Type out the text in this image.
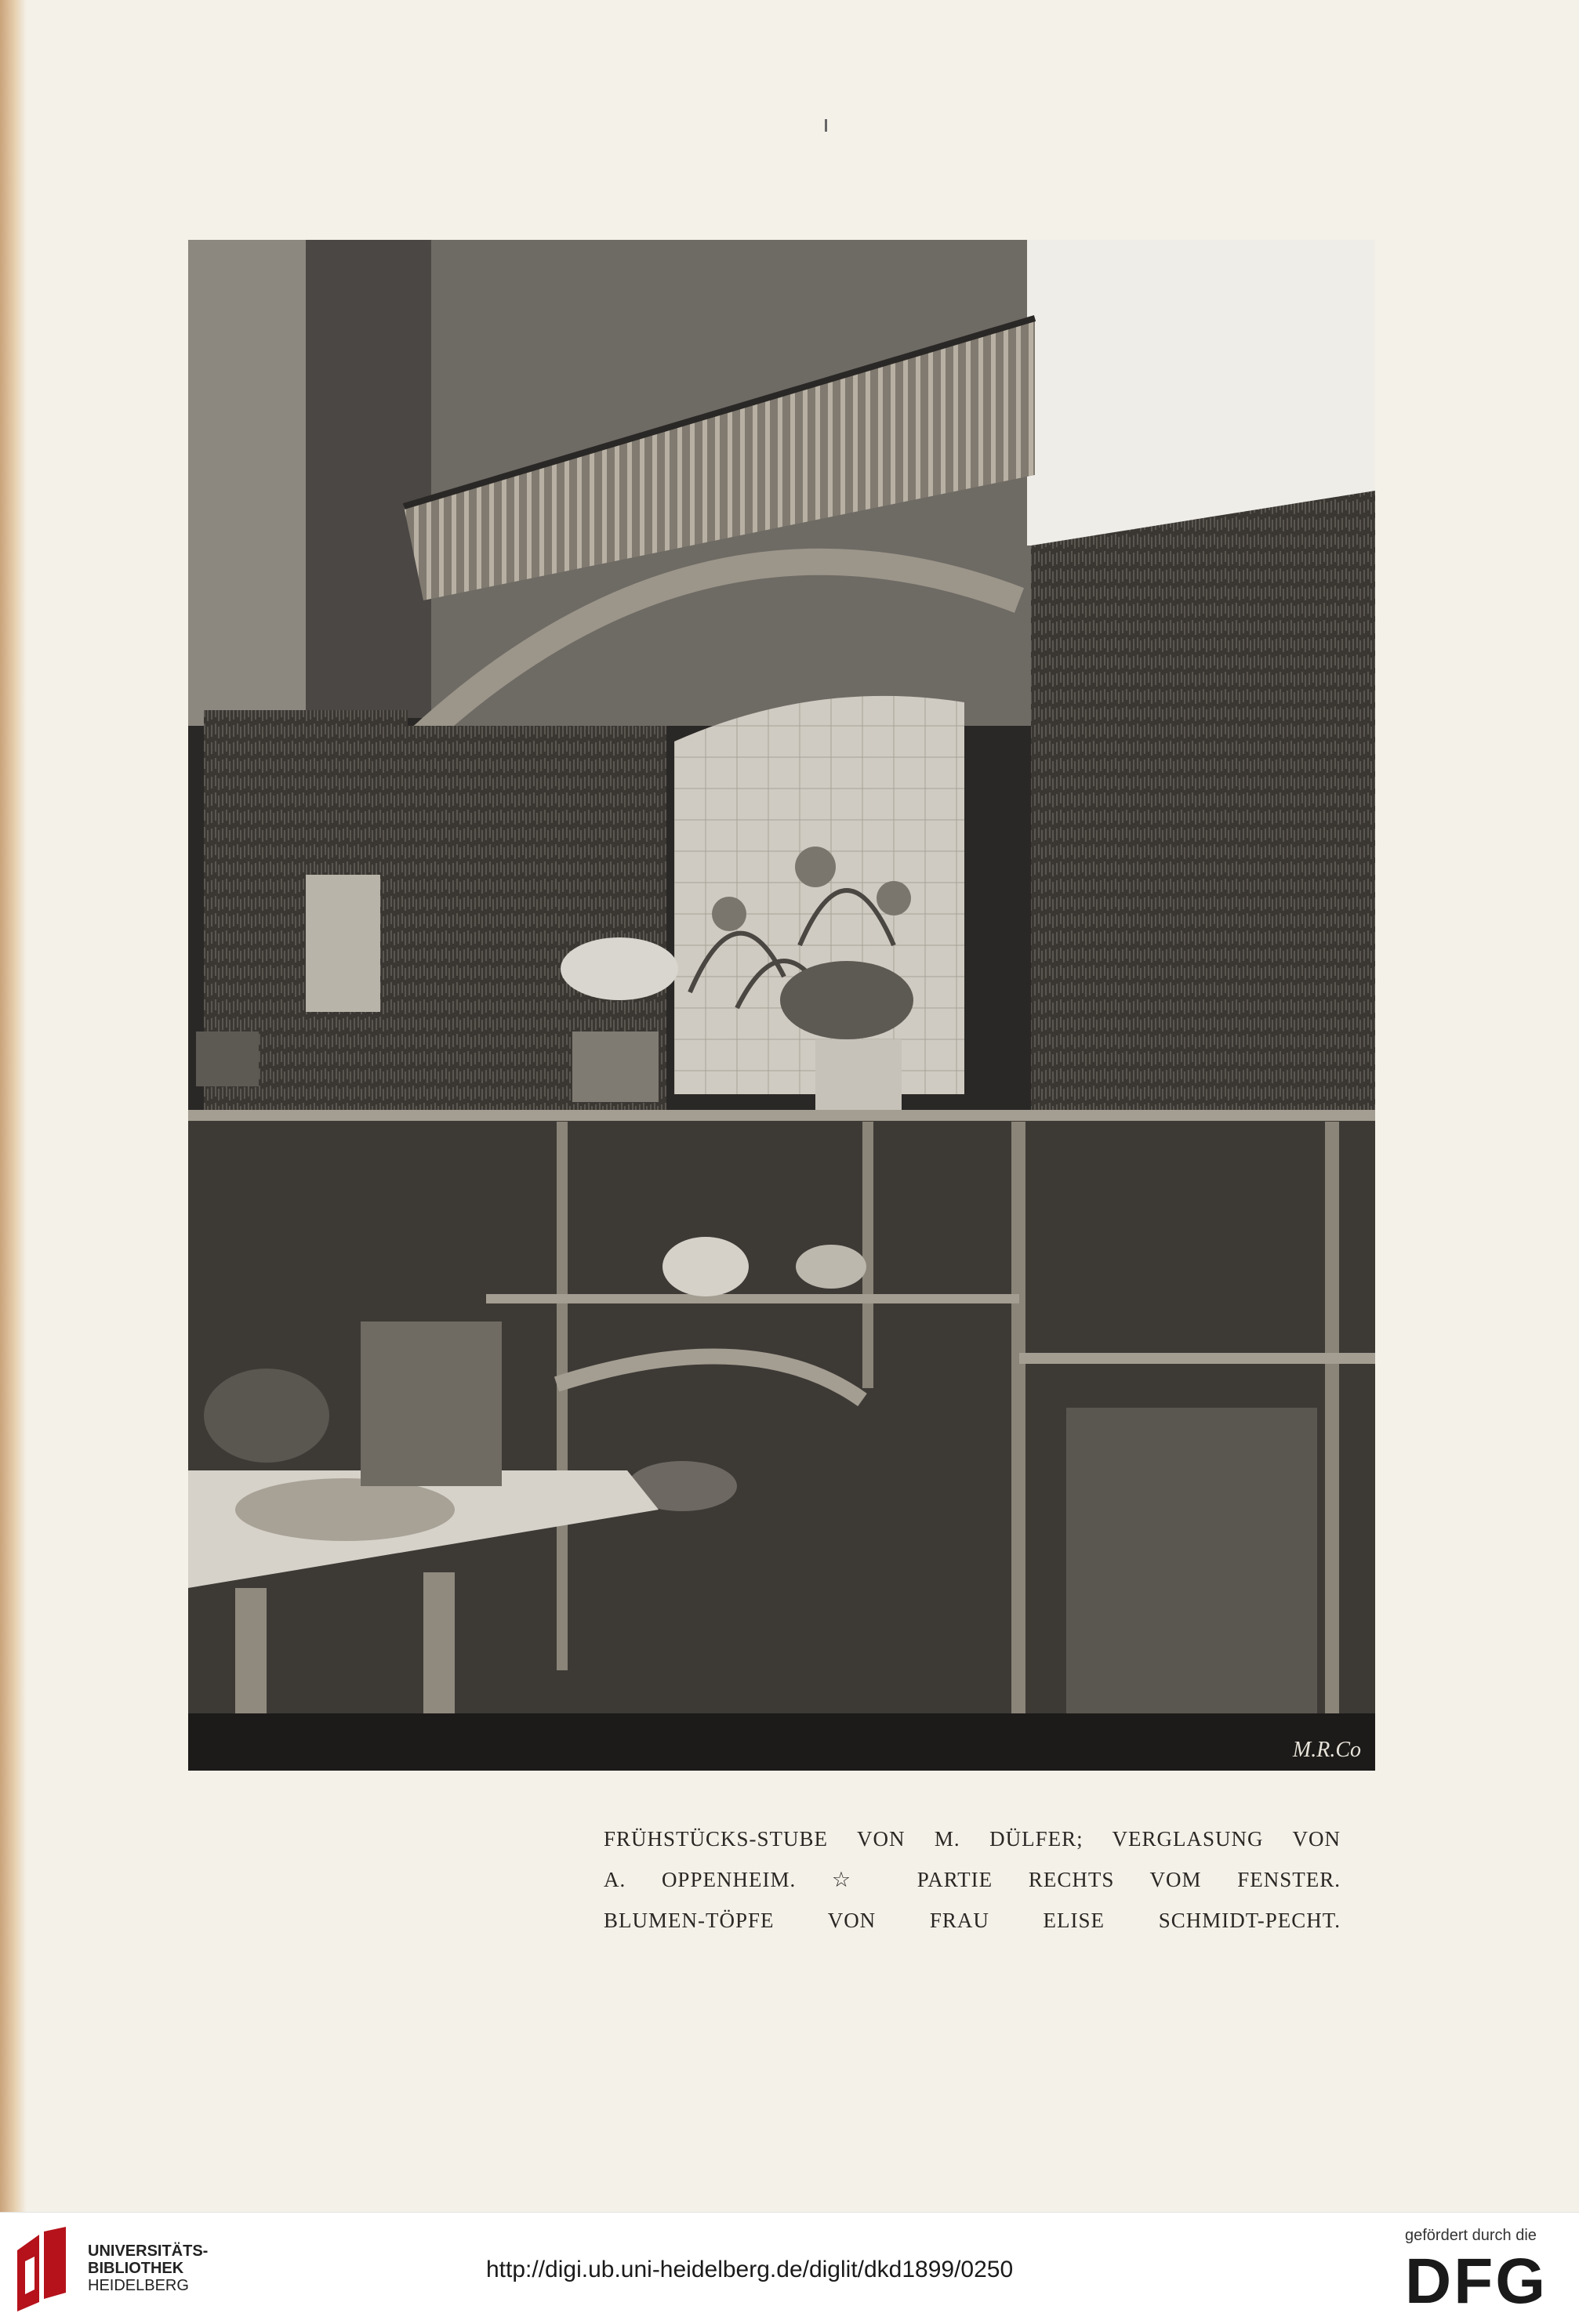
M.R.Co
FRÜHSTÜCKS-STUBE VON M. DÜLFER; VERGLASUNG VON
A. OPPENHEIM. ☆ PARTIE RECHTS VOM FENSTER.
BLUMEN-TÖPFE VON FRAU ELISE SCHMIDT-PECHT.
UNIVERSITÄTS-
BIBLIOTHEK
HEIDELBERG
http://digi.ub.uni-heidelberg.de/diglit/dkd1899/0250
gefördert durch die
DFG
